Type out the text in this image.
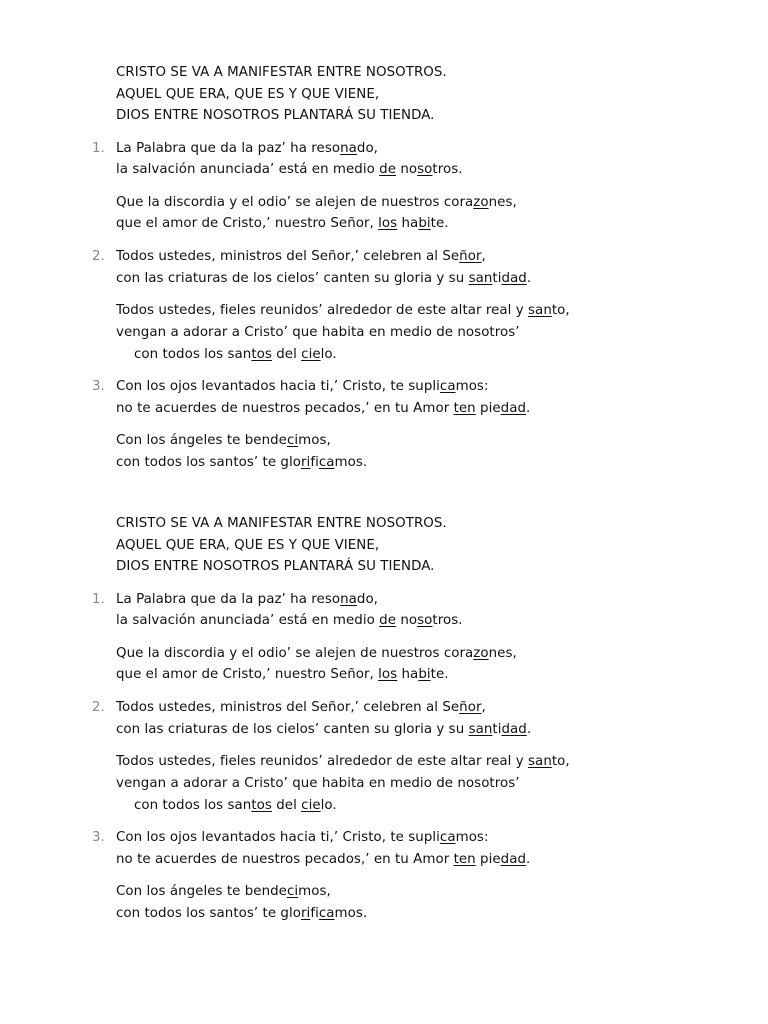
CRISTO SE VA A MANIFESTAR ENTRE NOSOTROS.
AQUEL QUE ERA, QUE ES Y QUE VIENE,
DIOS ENTRE NOSOTROS PLANTARÁ SU TIENDA.
1. La Palabra que da la paz’ ha resonado,
la salvación anunciada’ está en medio de nosotros.
Que la discordia y el odio’ se alejen de nuestros corazones,
que el amor de Cristo,’ nuestro Señor, los habite.
2. Todos ustedes, ministros del Señor,’ celebren al Señor,
con las criaturas de los cielos’ canten su gloria y su santidad.
Todos ustedes, fieles reunidos’ alrededor de este altar real y santo,
vengan a adorar a Cristo’ que habita en medio de nosotros’
con todos los santos del cielo.
3. Con los ojos levantados hacia ti,’ Cristo, te suplicamos:
no te acuerdes de nuestros pecados,’ en tu Amor ten piedad.
Con los ángeles te bendecimos,
con todos los santos’ te glorificamos.
CRISTO SE VA A MANIFESTAR ENTRE NOSOTROS.
AQUEL QUE ERA, QUE ES Y QUE VIENE,
DIOS ENTRE NOSOTROS PLANTARÁ SU TIENDA.
1. La Palabra que da la paz’ ha resonado,
la salvación anunciada’ está en medio de nosotros.
Que la discordia y el odio’ se alejen de nuestros corazones,
que el amor de Cristo,’ nuestro Señor, los habite.
2. Todos ustedes, ministros del Señor,’ celebren al Señor,
con las criaturas de los cielos’ canten su gloria y su santidad.
Todos ustedes, fieles reunidos’ alrededor de este altar real y santo,
vengan a adorar a Cristo’ que habita en medio de nosotros’
con todos los santos del cielo.
3. Con los ojos levantados hacia ti,’ Cristo, te suplicamos:
no te acuerdes de nuestros pecados,’ en tu Amor ten piedad.
Con los ángeles te bendecimos,
con todos los santos’ te glorificamos.
